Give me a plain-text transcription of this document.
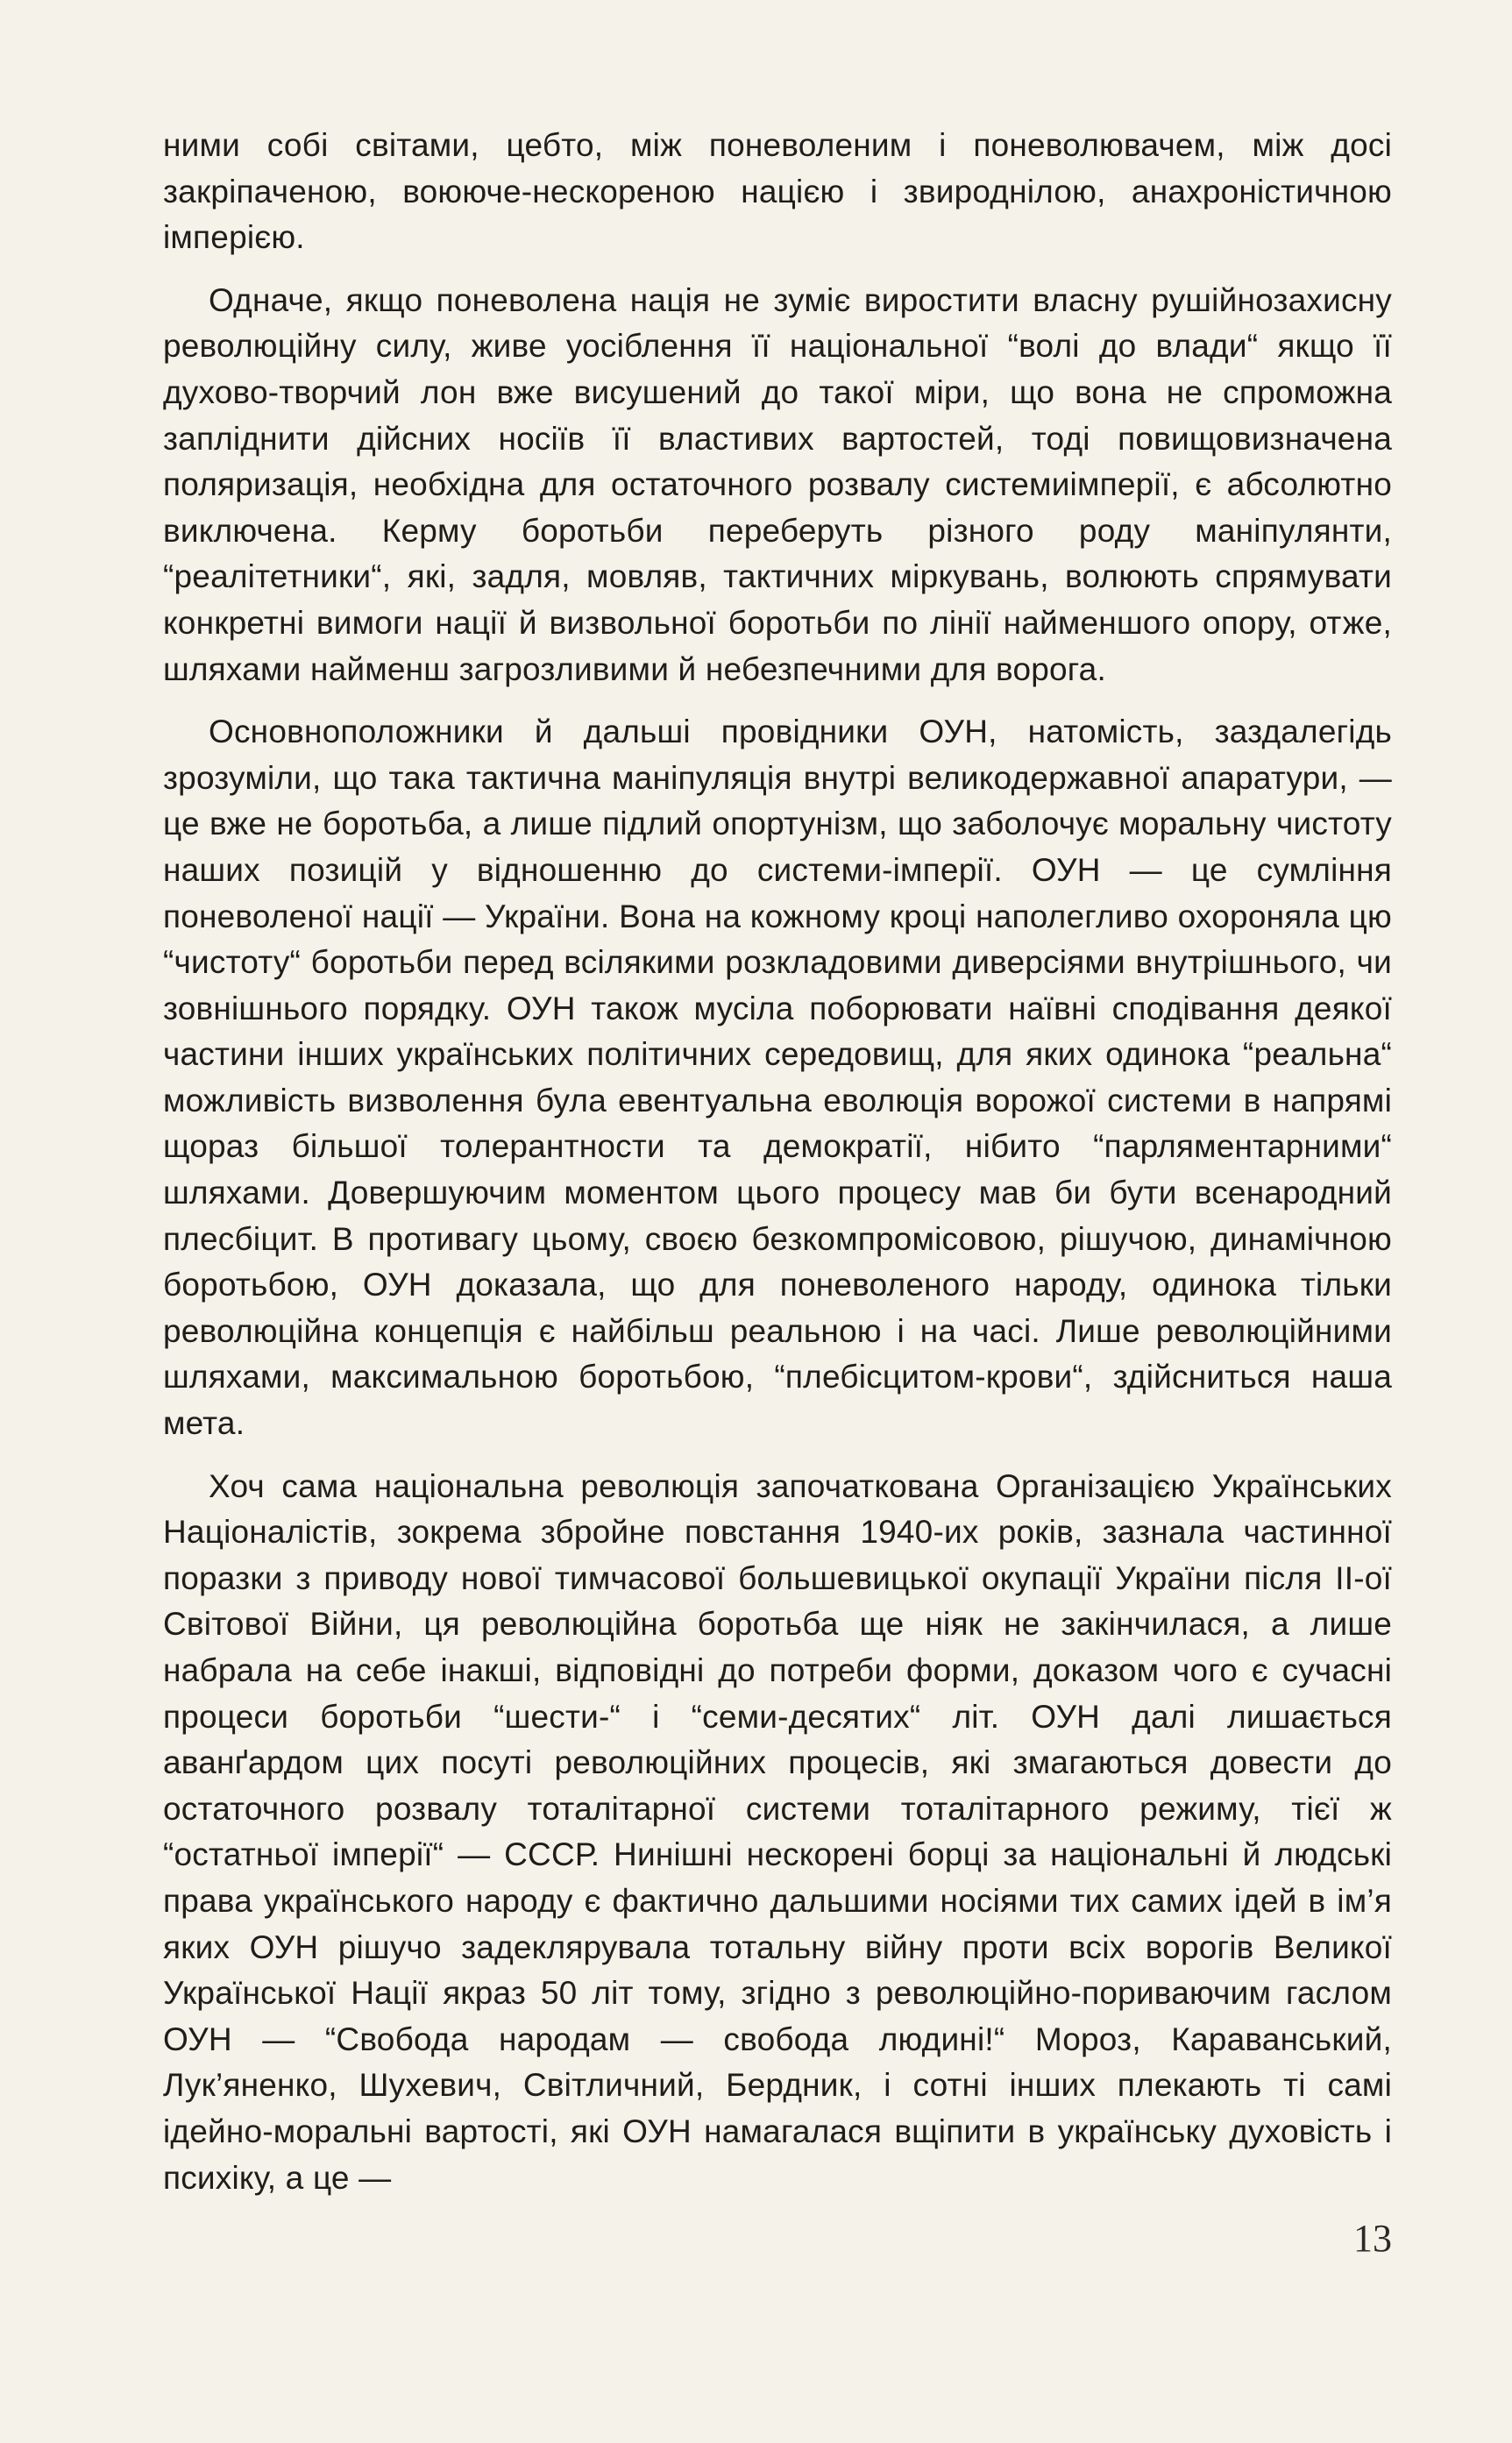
ними собі світами, цебто, між поневоленим і поневолювачем, між досі закріпаченою, воююче-нескореною нацією і звироднілою, анахроністичною імперією.

Одначе, якщо поневолена нація не зуміє виростити власну рушійнозахисну революційну силу, живе уосіблення її національної “волі до влади“ якщо її духово-творчий лон вже висушений до такої міри, що вона не спроможна запліднити дійсних носіїв її властивих вартостей, тоді повищовизначена поляризація, необхідна для остаточного розвалу системиімперії, є абсолютно виключена. Керму боротьби переберуть різного роду маніпулянти, “реалітетники“, які, задля, мовляв, тактичних міркувань, волюють спрямувати конкретні вимоги нації й визвольної боротьби по лінії найменшого опору, отже, шляхами найменш загрозливими й небезпечними для ворога.

Основноположники й дальші провідники ОУН, натомість, заздалегідь зрозуміли, що така тактична маніпуляція внутрі великодержавної апаратури, — це вже не боротьба, а лише підлий опортунізм, що заболочує моральну чистоту наших позицій у відношенню до системи-імперії. ОУН — це сумління поневоленої нації — України. Вона на кожному кроці наполегливо охороняла цю “чистоту“ боротьби перед всілякими розкладовими диверсіями внутрішнього, чи зовнішнього порядку. ОУН також мусіла поборювати наївні сподівання деякої частини інших українських політичних середовищ, для яких одинока “реальна“ можливість визволення була евентуальна еволюція ворожої системи в напрямі щораз більшої толерантности та демократії, нібито “парляментарними“ шляхами. Довершуючим моментом цього процесу мав би бути всенародний плесбіцит. В противагу цьому, своєю безкомпромісовою, рішучою, динамічною боротьбою, ОУН доказала, що для поневоленого народу, одинока тільки революційна концепція є найбільш реальною і на часі. Лише революційними шляхами, максимальною боротьбою, “плебісцитом-крови“, здійсниться наша мета.

Хоч сама національна революція започаткована Організацією Українських Націоналістів, зокрема збройне повстання 1940-их років, зазнала частинної поразки з приводу нової тимчасової большевицької окупації України після II-ої Світової Війни, ця революційна боротьба ще ніяк не закінчилася, а лише набрала на себе інакші, відповідні до потреби форми, доказом чого є сучасні процеси боротьби “шести-“ і “семи-десятих“ літ. ОУН далі лишається аванґардом цих посуті революційних процесів, які змагаються довести до остаточного розвалу тоталітарної системи тоталітарного режиму, тієї ж “остатньої імперії“ — СССР. Нинішні нескорені борці за національні й людські права українського народу є фактично дальшими носіями тих самих ідей в ім’я яких ОУН рішучо задеклярувала тотальну війну проти всіх ворогів Великої Української Нації якраз 50 літ тому, згідно з революційно-пориваючим гаслом ОУН — “Свобода народам — свобода людині!“ Мороз, Караванський, Лук’яненко, Шухевич, Світличний, Бердник, і сотні інших плекають ті самі ідейно-моральні вартості, які ОУН намагалася вщіпити в українську духовість і психіку, а це —

13
